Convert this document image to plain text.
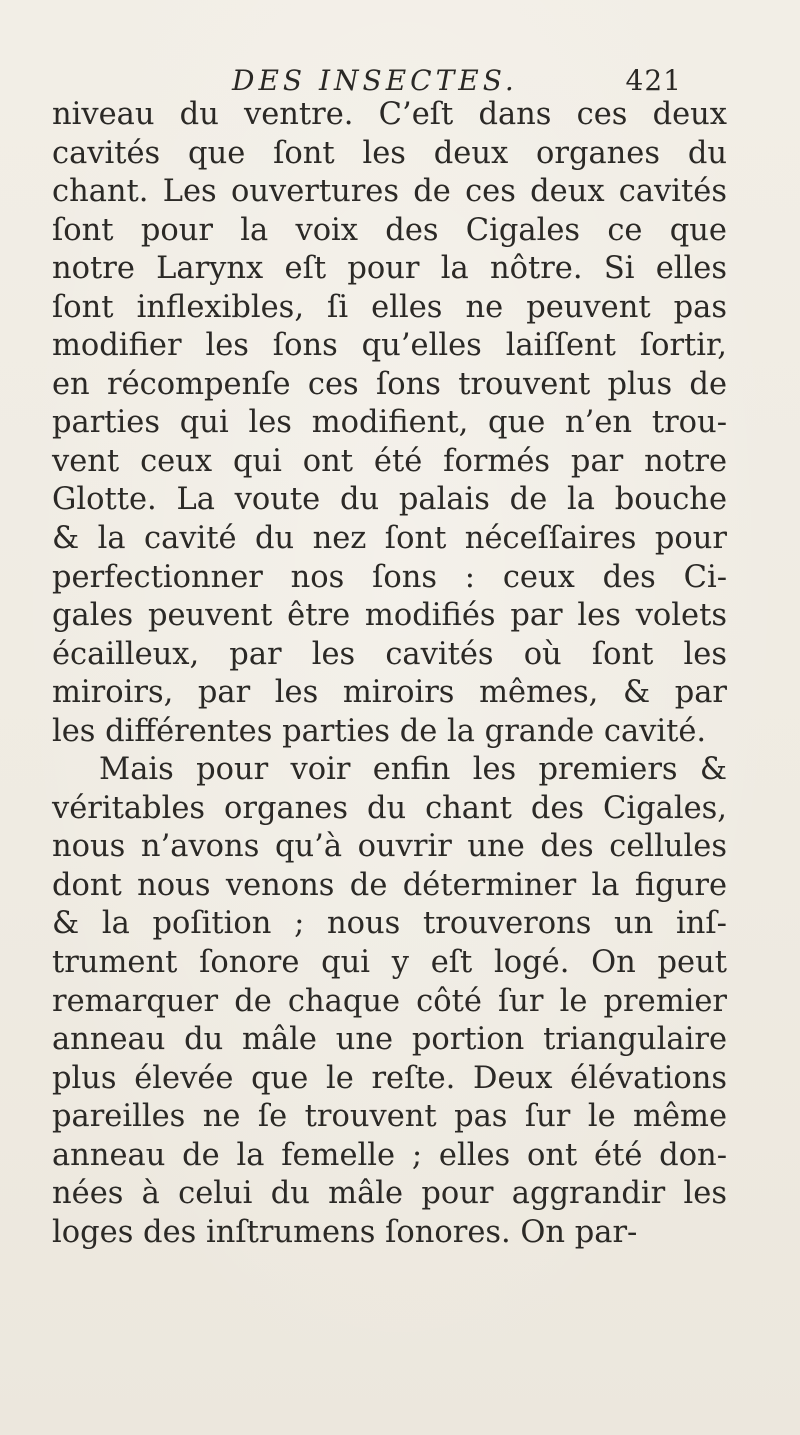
DES INSECTES.	421
niveau du ventre. C’eſt dans ces deux
cavités que ſont les deux organes du
chant. Les ouvertures de ces deux cavités
ſont pour la voix des Cigales ce que
notre Larynx eſt pour la nôtre. Si elles
ſont inflexibles, ſi elles ne peuvent pas
modifier les ſons qu’elles laiſſent ſortir,
en récompenſe ces ſons trouvent plus de
parties qui les modifient, que n’en trou-
vent ceux qui ont été formés par notre
Glotte. La voute du palais de la bouche
& la cavité du nez ſont néceſſaires pour
perfectionner nos ſons : ceux des Ci-
gales peuvent être modifiés par les volets
écailleux, par les cavités où ſont les
miroirs, par les miroirs mêmes, & par
les différentes parties de la grande cavité.
Mais pour voir enfin les premiers &
véritables organes du chant des Cigales,
nous n’avons qu’à ouvrir une des cellules
dont nous venons de déterminer la figure
& la poſition ; nous trouverons un inſ-
trument ſonore qui y eſt logé. On peut
remarquer de chaque côté ſur le premier
anneau du mâle une portion triangulaire
plus élevée que le reſte. Deux élévations
pareilles ne ſe trouvent pas ſur le même
anneau de la femelle ; elles ont été don-
nées à celui du mâle pour aggrandir les
loges des inſtrumens ſonores. On par-
